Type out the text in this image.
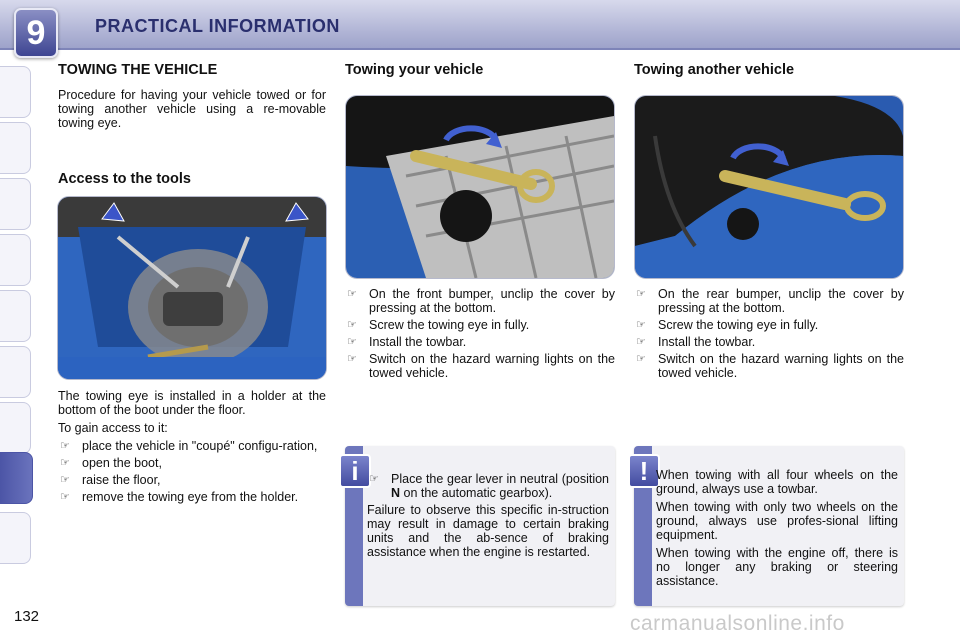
9	PRACTICAL INFORMATION
TOWING THE VEHICLE

Procedure for having your vehicle towed or for towing another vehicle using a re-movable towing eye.

Access to the tools

The towing eye is installed in a holder at the bottom of the boot under the floor.

To gain access to it:

☞ place the vehicle in "coupé" configu-ration,
☞ open the boot,
☞ raise the floor,
☞ remove the towing eye from the holder.
Towing your vehicle
☞ On the front bumper, unclip the cover by pressing at the bottom.
☞ Screw the towing eye in fully.
☞ Install the towbar.
☞ Switch on the hazard warning lights on the towed vehicle.
i ☞ Place the gear lever in neutral (position N on the automatic gearbox).

Failure to observe this specific in-struction may result in damage to certain braking units and the ab-sence of braking assistance when the engine is restarted.

Towing another vehicle
☞ On the rear bumper, unclip the cover by pressing at the bottom.
☞ Screw the towing eye in fully.
☞ Install the towbar.
☞ Switch on the hazard warning lights on the towed vehicle.
! When towing with all four wheels on the ground, always use a towbar.

When towing with only two wheels on the ground, always use profes-sional lifting equipment.

When towing with the engine off, there is no longer any braking or steering assistance.

132	carmanualsonline.info
